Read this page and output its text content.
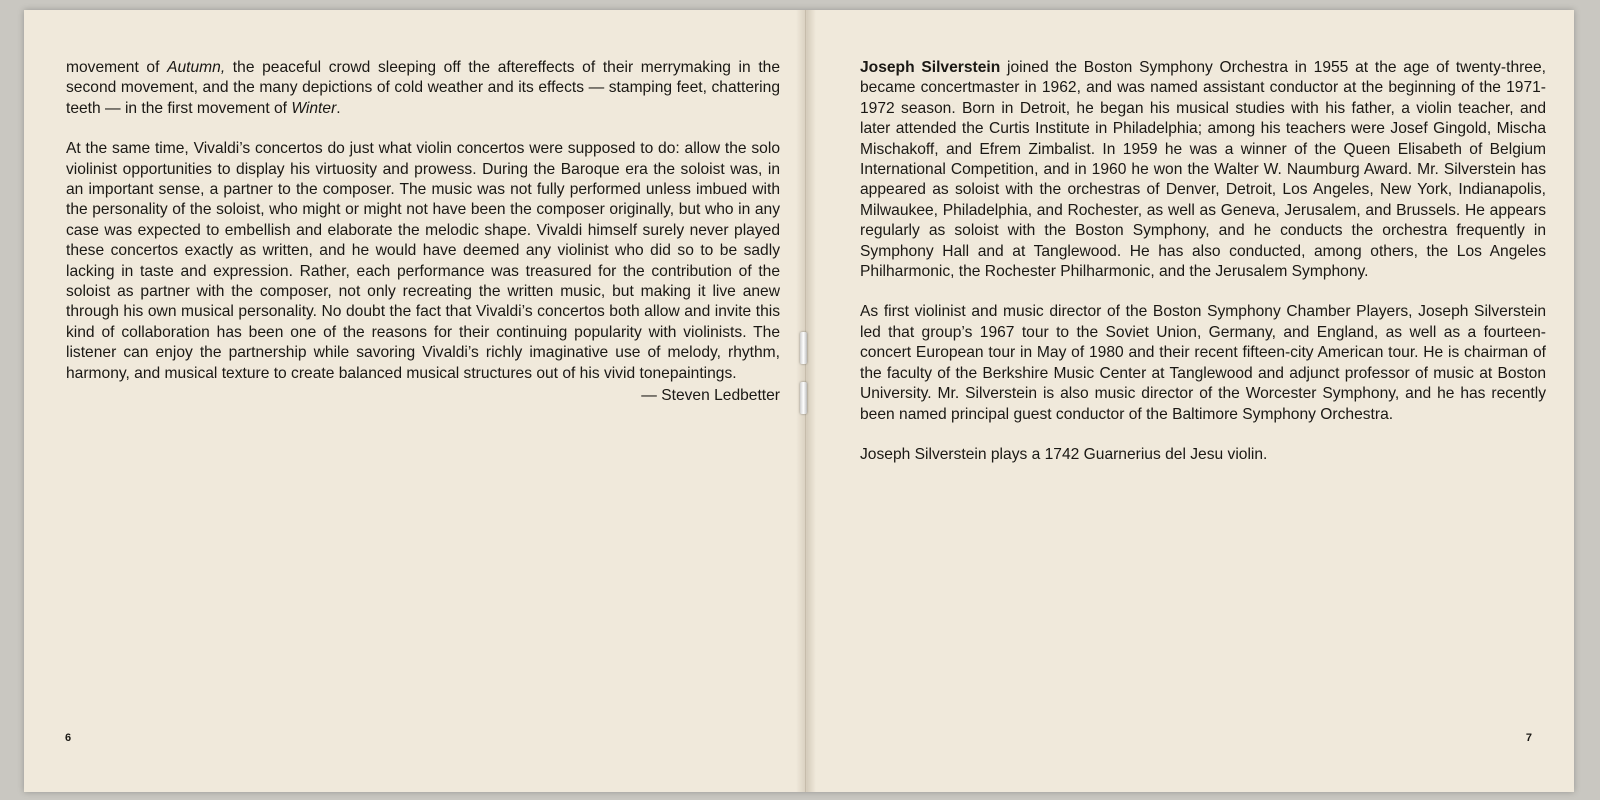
movement of Autumn, the peaceful crowd sleeping off the aftereffects of their merrymaking in the second movement, and the many depictions of cold weather and its effects — stamping feet, chattering teeth — in the first movement of Winter.

At the same time, Vivaldi’s concertos do just what violin concertos were supposed to do: allow the solo violinist opportunities to display his virtuosity and prowess. During the Baroque era the soloist was, in an important sense, a partner to the composer. The music was not fully performed unless imbued with the personality of the soloist, who might or might not have been the composer originally, but who in any case was expected to embellish and elaborate the melodic shape. Vivaldi himself surely never played these concertos exactly as written, and he would have deemed any violinist who did so to be sadly lacking in taste and expression. Rather, each performance was treasured for the contribution of the soloist as partner with the composer, not only recreating the written music, but making it live anew through his own musical personality. No doubt the fact that Vivaldi’s concertos both allow and invite this kind of collaboration has been one of the reasons for their continuing popularity with violinists. The listener can enjoy the partnership while savoring Vivaldi’s richly imaginative use of melody, rhythm, harmony, and musical texture to create balanced musical structures out of his vivid tonepaintings.

— Steven Ledbetter
6

Joseph Silverstein joined the Boston Symphony Orchestra in 1955 at the age of twenty-three, became concertmaster in 1962, and was named assistant conductor at the beginning of the 1971-1972 season. Born in Detroit, he began his musical studies with his father, a violin teacher, and later attended the Curtis Institute in Philadelphia; among his teachers were Josef Gingold, Mischa Mischakoff, and Efrem Zimbalist. In 1959 he was a winner of the Queen Elisabeth of Belgium International Competition, and in 1960 he won the Walter W. Naumburg Award. Mr. Silverstein has appeared as soloist with the orchestras of Denver, Detroit, Los Angeles, New York, Indianapolis, Milwaukee, Philadelphia, and Rochester, as well as Geneva, Jerusalem, and Brussels. He appears regularly as soloist with the Boston Symphony, and he conducts the orchestra frequently in Symphony Hall and at Tanglewood. He has also conducted, among others, the Los Angeles Philharmonic, the Rochester Philharmonic, and the Jerusalem Symphony.

As first violinist and music director of the Boston Symphony Chamber Players, Joseph Silverstein led that group’s 1967 tour to the Soviet Union, Germany, and England, as well as a fourteen-concert European tour in May of 1980 and their recent fifteen-city American tour. He is chairman of the faculty of the Berkshire Music Center at Tanglewood and adjunct professor of music at Boston University. Mr. Silverstein is also music director of the Worcester Symphony, and he has recently been named principal guest conductor of the Baltimore Symphony Orchestra.

Joseph Silverstein plays a 1742 Guarnerius del Jesu violin.

7
